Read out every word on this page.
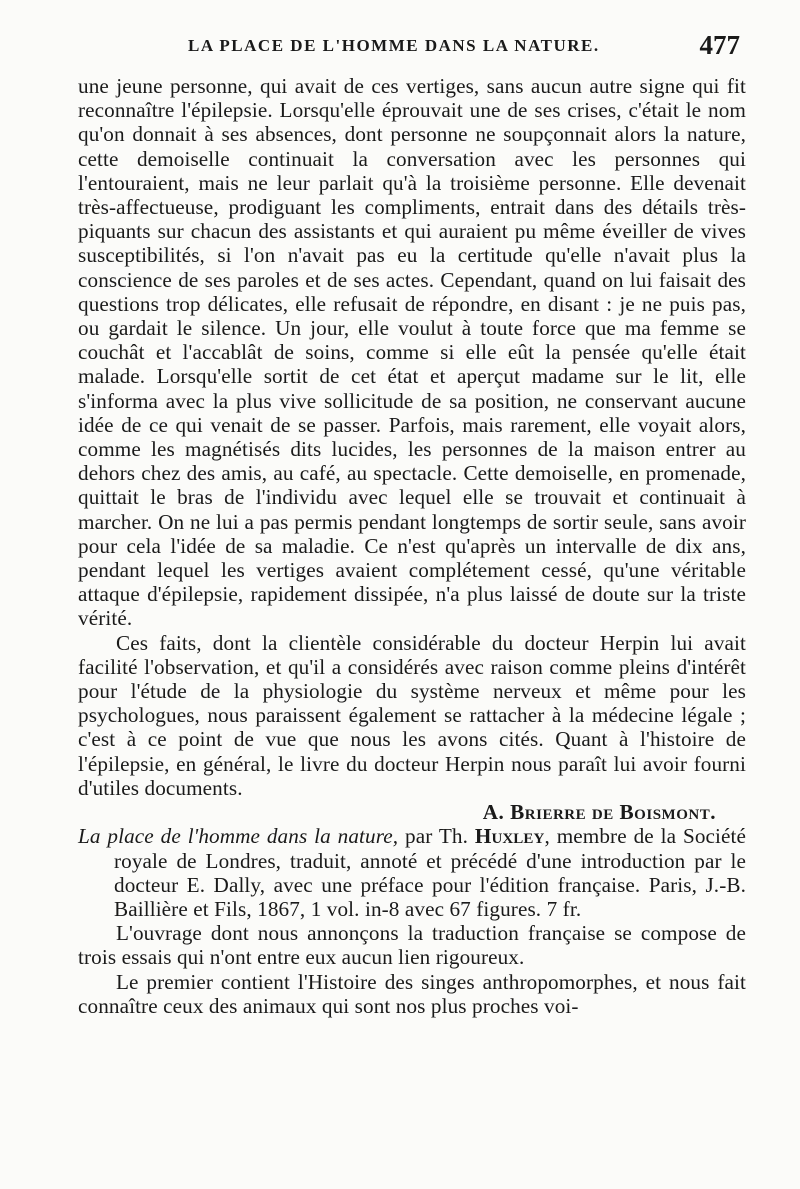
LA PLACE DE L'HOMME DANS LA NATURE.	477

une jeune personne, qui avait de ces vertiges, sans aucun autre signe qui fit reconnaître l'épilepsie. Lorsqu'elle éprouvait une de ses crises, c'était le nom qu'on donnait à ses absences, dont personne ne soupçonnait alors la nature, cette demoiselle continuait la conversation avec les personnes qui l'entouraient, mais ne leur parlait qu'à la troisième personne. Elle devenait très-affectueuse, prodiguant les compliments, entrait dans des détails très-piquants sur chacun des assistants et qui auraient pu même éveiller de vives susceptibilités, si l'on n'avait pas eu la certitude qu'elle n'avait plus la conscience de ses paroles et de ses actes. Cependant, quand on lui faisait des questions trop délicates, elle refusait de répondre, en disant : je ne puis pas, ou gardait le silence. Un jour, elle voulut à toute force que ma femme se couchât et l'accablât de soins, comme si elle eût la pensée qu'elle était malade. Lorsqu'elle sortit de cet état et aperçut madame sur le lit, elle s'informa avec la plus vive sollicitude de sa position, ne conservant aucune idée de ce qui venait de se passer. Parfois, mais rarement, elle voyait alors, comme les magnétisés dits lucides, les personnes de la maison entrer au dehors chez des amis, au café, au spectacle. Cette demoiselle, en promenade, quittait le bras de l'individu avec lequel elle se trouvait et continuait à marcher. On ne lui a pas permis pendant longtemps de sortir seule, sans avoir pour cela l'idée de sa maladie. Ce n'est qu'après un intervalle de dix ans, pendant lequel les vertiges avaient complétement cessé, qu'une véritable attaque d'épilepsie, rapidement dissipée, n'a plus laissé de doute sur la triste vérité.

Ces faits, dont la clientèle considérable du docteur Herpin lui avait facilité l'observation, et qu'il a considérés avec raison comme pleins d'intérêt pour l'étude de la physiologie du système nerveux et même pour les psychologues, nous paraissent également se rattacher à la médecine légale ; c'est à ce point de vue que nous les avons cités. Quant à l'histoire de l'épilepsie, en général, le livre du docteur Herpin nous paraît lui avoir fourni d'utiles documents.

A. Brierre de Boismont.

La place de l'homme dans la nature, par Th. Huxley, membre de la Société royale de Londres, traduit, annoté et précédé d'une introduction par le docteur E. Dally, avec une préface pour l'édition française. Paris, J.-B. Baillière et Fils, 1867, 1 vol. in-8 avec 67 figures. 7 fr.

L'ouvrage dont nous annonçons la traduction française se compose de trois essais qui n'ont entre eux aucun lien rigoureux.

Le premier contient l'Histoire des singes anthropomorphes, et nous fait connaître ceux des animaux qui sont nos plus proches voi-
